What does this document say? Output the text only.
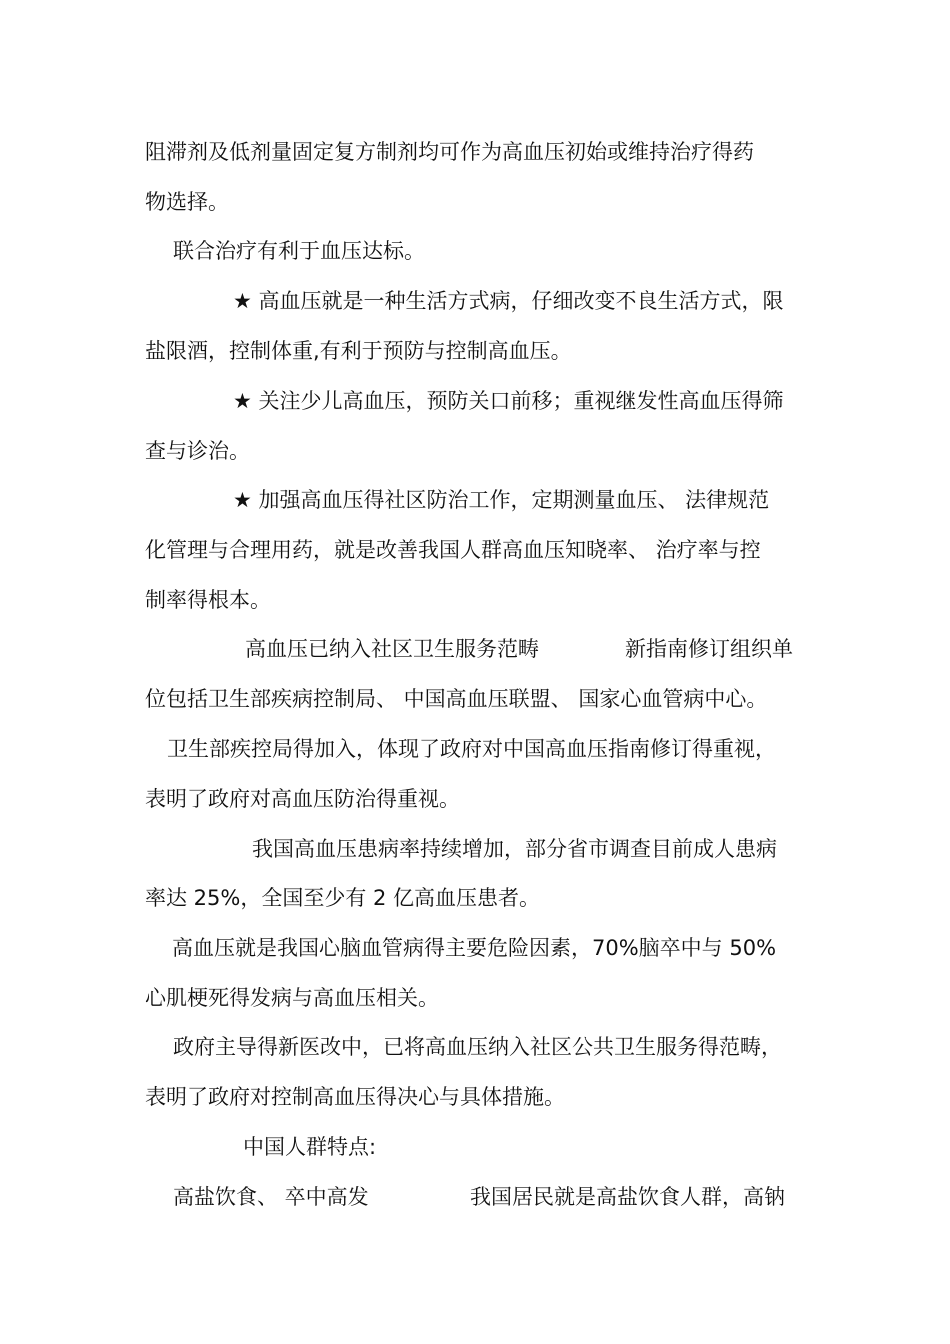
阻滞剂及低剂量固定复方制剂均可作为高血压初始或维持治疗得药
物选择。
联合治疗有利于血压达标。
★ 高血压就是一种生活方式病，仔细改变不良生活方式，限
盐限酒，控制体重,有利于预防与控制高血压。
★ 关注少儿高血压，预防关口前移；重视继发性高血压得筛
查与诊治。
★ 加强高血压得社区防治工作，定期测量血压、 法律规范
化管理与合理用药，就是改善我国人群高血压知晓率、 治疗率与控
制率得根本。
高血压已纳入社区卫生服务范畴	新指南修订组织单
位包括卫生部疾病控制局、 中国高血压联盟、 国家心血管病中心。
卫生部疾控局得加入，体现了政府对中国高血压指南修订得重视，
表明了政府对高血压防治得重视。
我国高血压患病率持续增加，部分省市调查目前成人患病
率达 25%，全国至少有 2 亿高血压患者。
高血压就是我国心脑血管病得主要危险因素，70%脑卒中与 50%
心肌梗死得发病与高血压相关。
政府主导得新医改中，已将高血压纳入社区公共卫生服务得范畴，
表明了政府对控制高血压得决心与具体措施。
中国人群特点:
高盐饮食、 卒中高发	我国居民就是高盐饮食人群，高钠
